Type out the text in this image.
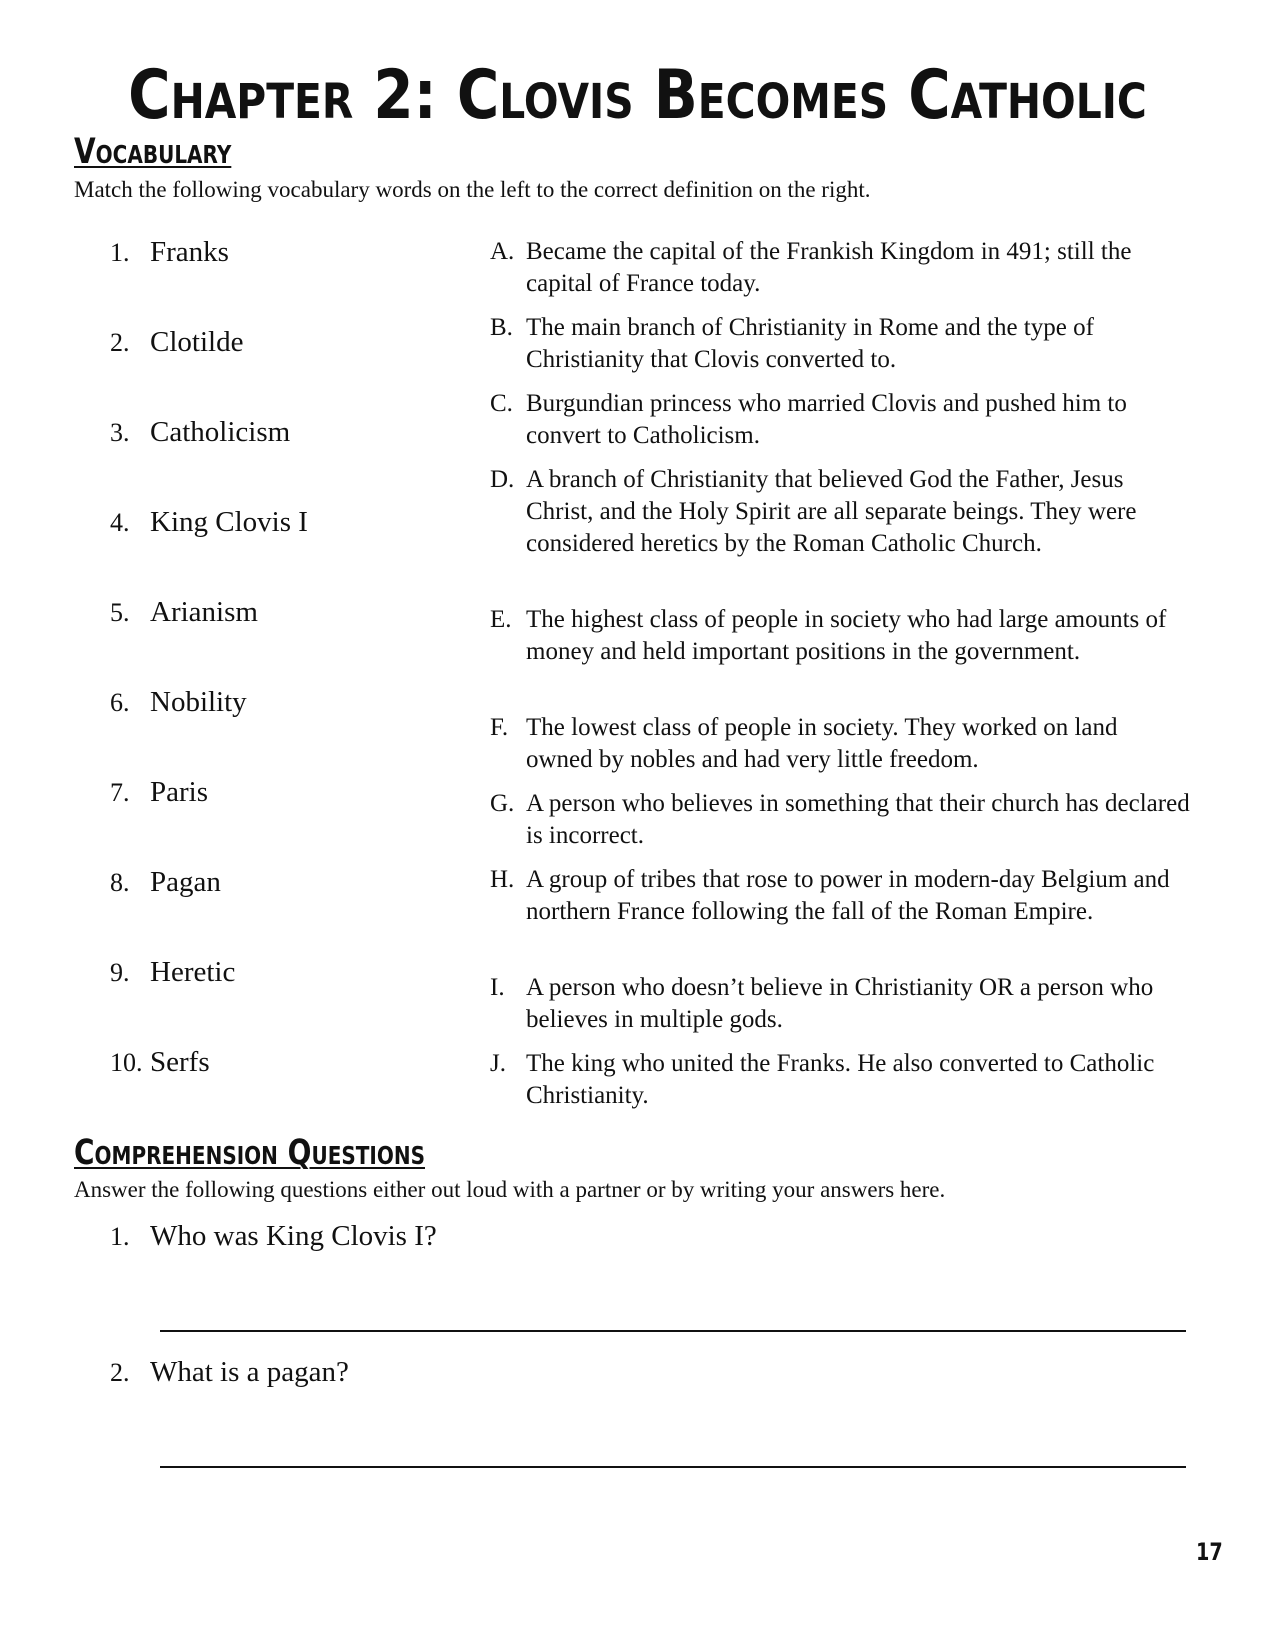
Chapter 2: Clovis Becomes Catholic
Vocabulary
Match the following vocabulary words on the left to the correct definition on the right.
1. Franks
2. Clotilde
3. Catholicism
4. King Clovis I
5. Arianism
6. Nobility
7. Paris
8. Pagan
9. Heretic
10. Serfs
A. Became the capital of the Frankish Kingdom in 491; still the capital of France today.
B. The main branch of Christianity in Rome and the type of Christianity that Clovis converted to.
C. Burgundian princess who married Clovis and pushed him to convert to Catholicism.
D. A branch of Christianity that believed God the Father, Jesus Christ, and the Holy Spirit are all separate beings. They were considered heretics by the Roman Catholic Church.
E. The highest class of people in society who had large amounts of money and held important positions in the government.
F. The lowest class of people in society. They worked on land owned by nobles and had very little freedom.
G. A person who believes in something that their church has declared is incorrect.
H. A group of tribes that rose to power in modern-day Belgium and northern France following the fall of the Roman Empire.
I. A person who doesn’t believe in Christianity OR a person who believes in multiple gods.
J. The king who united the Franks. He also converted to Catholic Christianity.
Comprehension Questions
Answer the following questions either out loud with a partner or by writing your answers here.
1. Who was King Clovis I?
2. What is a pagan?
17
